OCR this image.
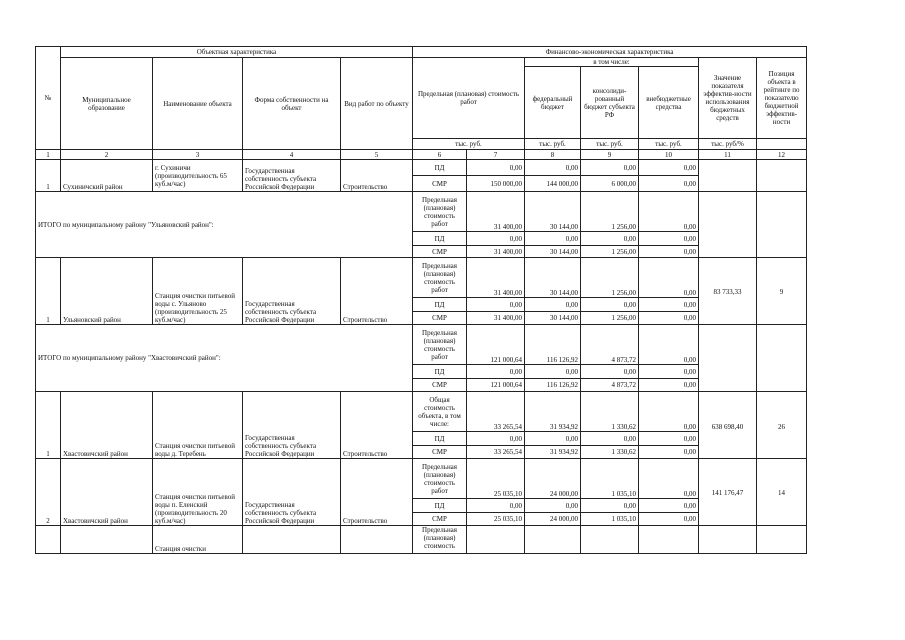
№	Объектная характеристика				Финансово-экономическая характеристика						
	Муниципальное образование	Наименование объекта	Форма собственности на объект	Вид работ по объекту	Предельная (плановая) стоимость работ		в том числе:			Значение показателя эффектив-ности использования бюджетных средств	Позиция объекта в рейтинге по показателю бюджетной эффектив-ности
							федеральный бюджет	консолиди-рованный бюджет субъекта РФ	внебюджетные средства		
					тыс. руб.		тыс. руб.	тыс. руб.	тыс. руб.	тыс. руб/%	
1	2	3	4	5	6	7	8	9	10	11	12
1	Сухиничский район	г. Сухиничи (производительность 65 куб.м/час)	Государственная собственность субъекта Российской Федерации	Строительство	ПД	0,00	0,00	0,00	0,00		
					СМР	150 000,00	144 000,00	6 000,00	0,00		
ИТОГО по муниципальному району "Ульяновский район":					Предельная (плановая) стоимость работ	31 400,00	30 144,00	1 256,00	0,00		
					ПД	0,00	0,00	0,00	0,00		
					СМР	31 400,00	30 144,00	1 256,00	0,00		
1	Ульяновский район	Станция очистки питьевой воды с. Ульяново (производительность 25 куб.м/час)	Государственная собственность субъекта Российской Федерации	Строительство	Предельная (плановая) стоимость работ	31 400,00	30 144,00	1 256,00	0,00	83 733,33	9
					ПД	0,00	0,00	0,00	0,00		
					СМР	31 400,00	30 144,00	1 256,00	0,00		
ИТОГО по муниципальному району "Хвастовичский район":					Предельная (плановая) стоимость работ	121 000,64	116 126,92	4 873,72	0,00		
					ПД	0,00	0,00	0,00	0,00		
					СМР	121 000,64	116 126,92	4 873,72	0,00		
1	Хвастовичский район	Станция очистки питьевой воды д. Теребень	Государственная собственность субъекта Российской Федерации	Строительство	Общая стоимость объекта, в том числе:	33 265,54	31 934,92	1 330,62	0,00	638 698,40	26
					ПД	0,00	0,00	0,00	0,00		
					СМР	33 265,54	31 934,92	1 330,62	0,00		
2	Хвастовичский район	Станция очистки питьевой воды п. Еленский (производительность 20 куб.м/час)	Государственная собственность субъекта Российской Федерации	Строительство	Предельная (плановая) стоимость работ	25 035,10	24 000,00	1 035,10	0,00	141 176,47	14
					ПД	0,00	0,00	0,00	0,00		
					СМР	25 035,10	24 000,00	1 035,10	0,00		
		Станция очистки			Предельная (плановая) стоимость						
